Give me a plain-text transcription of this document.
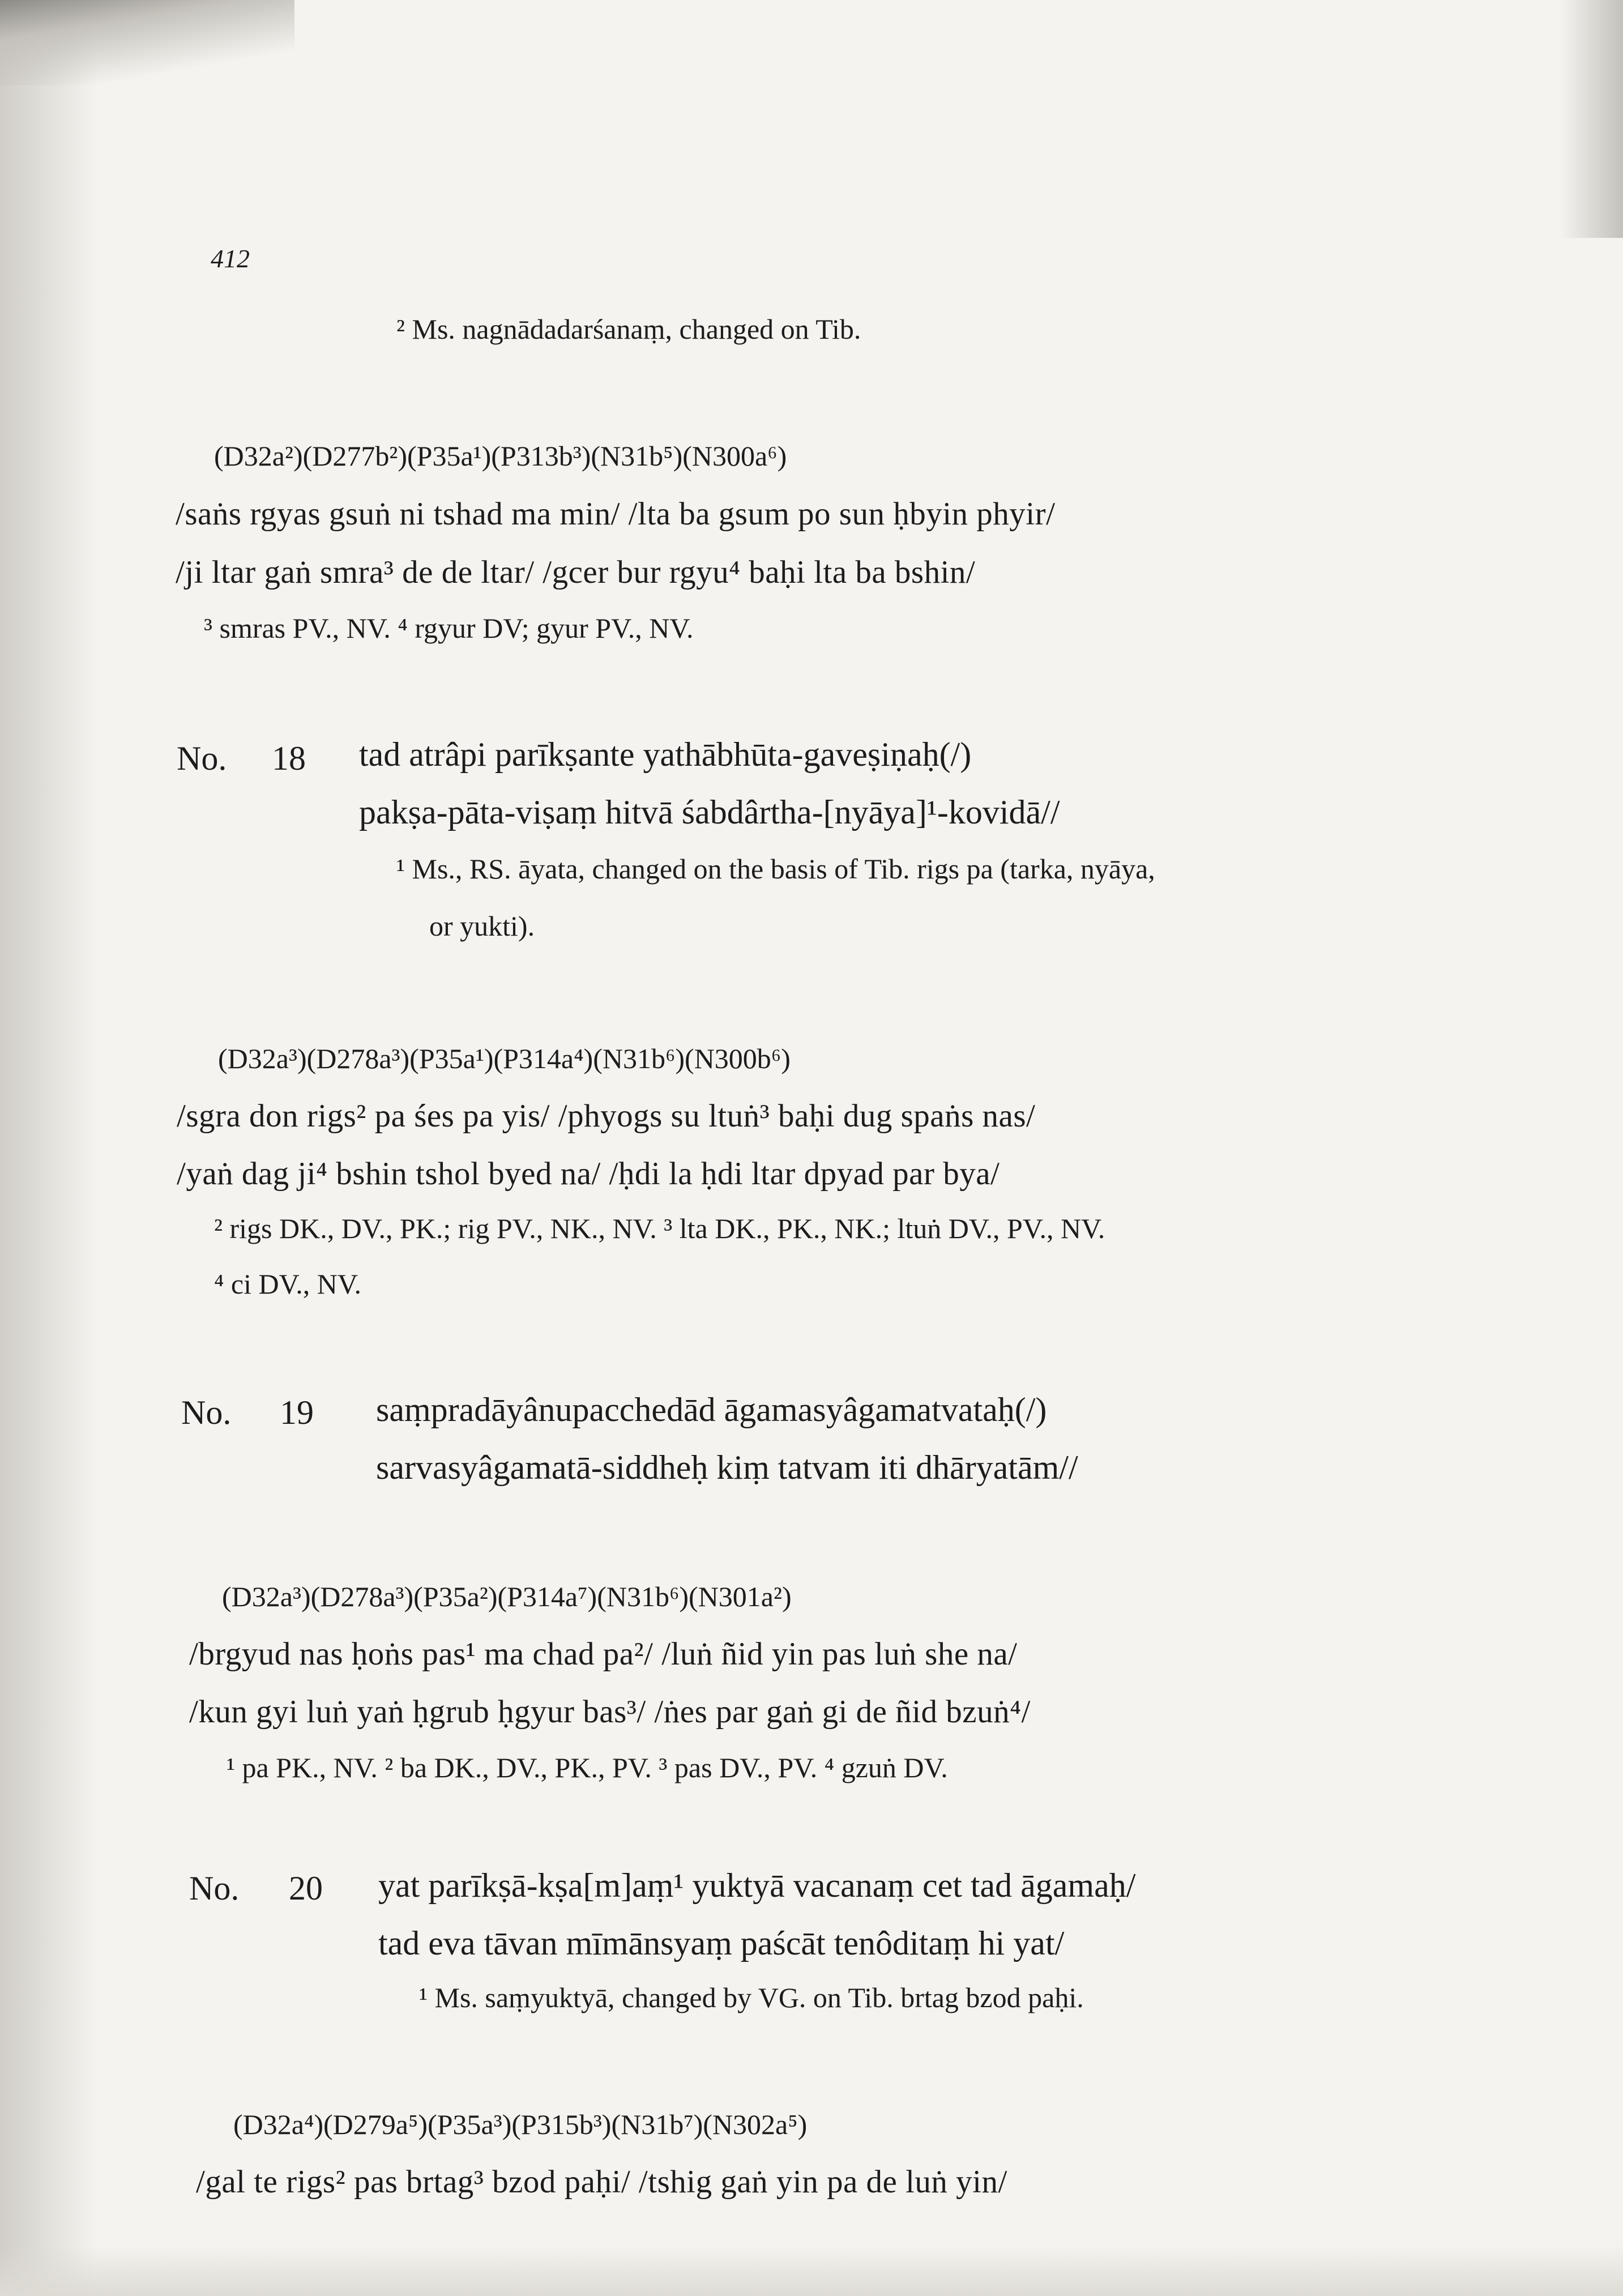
412
² Ms. nagnādadarśanaṃ, changed on Tib.
(D32a²)(D277b²)(P35a¹)(P313b³)(N31b⁵)(N300a⁶)
/saṅs rgyas gsuṅ ni tshad ma min/ /lta ba gsum po sun ḥbyin phyir/
/ji ltar gaṅ smra³ de de ltar/ /gcer bur rgyu⁴ baḥi lta ba bshin/
³ smras PV., NV. ⁴ rgyur DV; gyur PV., NV.
No. 18 tad atrâpi parīkṣante yathābhūta-gaveṣiṇaḥ(/)
pakṣa-pāta-viṣaṃ hitvā śabdârtha-[nyāya]¹-kovidā//
¹ Ms., RS. āyata, changed on the basis of Tib. rigs pa (tarka, nyāya,
or yukti).
(D32a³)(D278a³)(P35a¹)(P314a⁴)(N31b⁶)(N300b⁶)
/sgra don rigs² pa śes pa yis/ /phyogs su ltuṅ³ baḥi dug spaṅs nas/
/yaṅ dag ji⁴ bshin tshol byed na/ /ḥdi la ḥdi ltar dpyad par bya/
² rigs DK., DV., PK.; rig PV., NK., NV. ³ lta DK., PK., NK.; ltuṅ DV., PV., NV.
⁴ ci DV., NV.
No. 19 saṃpradāyânupacchedād āgamasyâgamatvataḥ(/)
sarvasyâgamatā-siddheḥ kiṃ tatvam iti dhāryatām//
(D32a³)(D278a³)(P35a²)(P314a⁷)(N31b⁶)(N301a²)
/brgyud nas ḥoṅs pas¹ ma chad pa²/ /luṅ ñid yin pas luṅ she na/
/kun gyi luṅ yaṅ ḥgrub ḥgyur bas³/ /ṅes par gaṅ gi de ñid bzuṅ⁴/
¹ pa PK., NV. ² ba DK., DV., PK., PV. ³ pas DV., PV. ⁴ gzuṅ DV.
No. 20 yat parīkṣā-kṣa[m]aṃ¹ yuktyā vacanaṃ cet tad āgamaḥ/
tad eva tāvan mīmānsyaṃ paścāt tenôditaṃ hi yat/
¹ Ms. saṃyuktyā, changed by VG. on Tib. brtag bzod paḥi.
(D32a⁴)(D279a⁵)(P35a³)(P315b³)(N31b⁷)(N302a⁵)
/gal te rigs² pas brtag³ bzod paḥi/ /tshig gaṅ yin pa de luṅ yin/
